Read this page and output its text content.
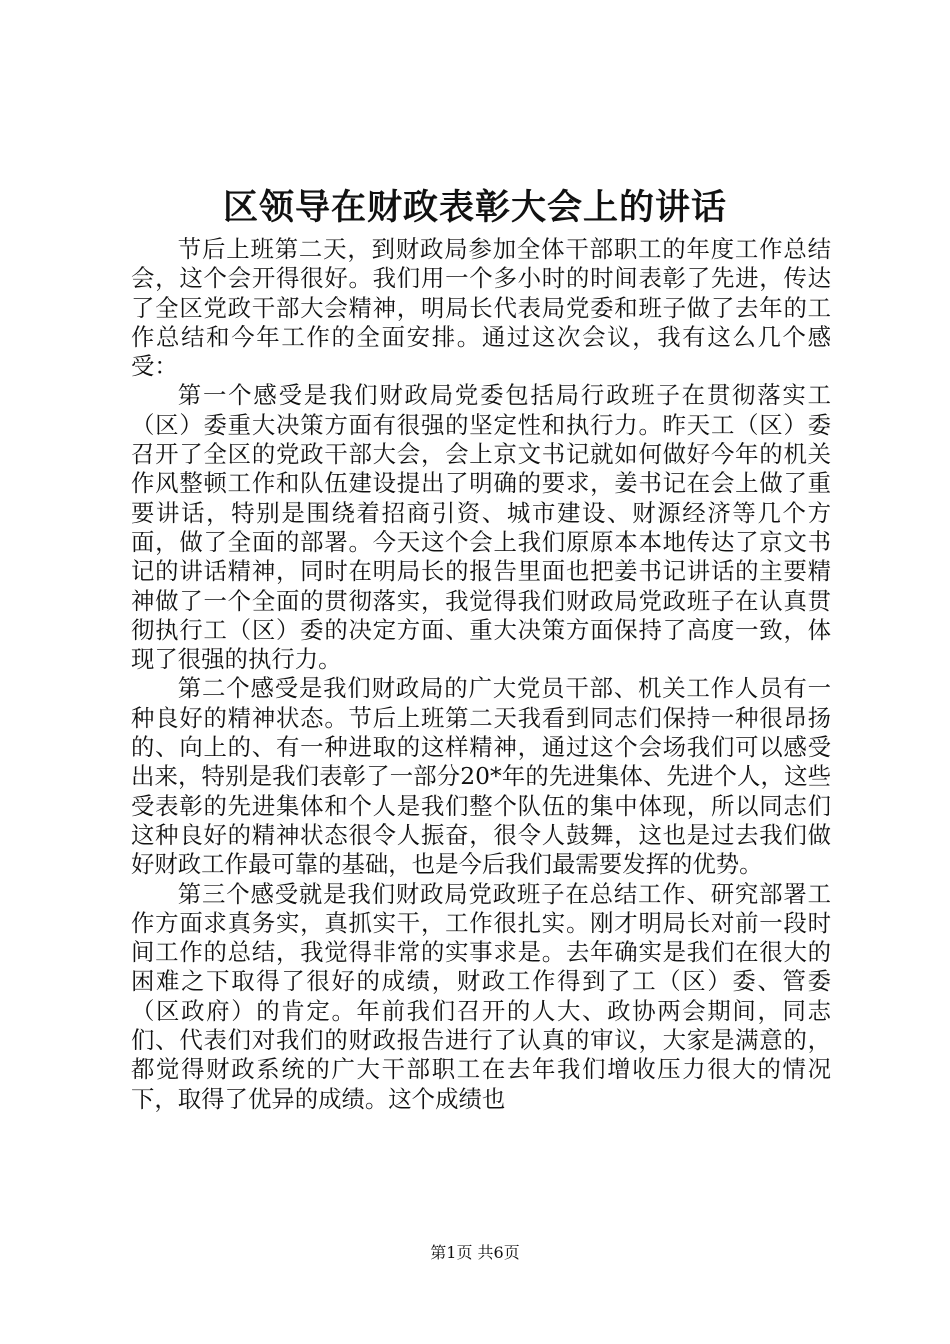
区领导在财政表彰大会上的讲话

节后上班第二天，到财政局参加全体干部职工的年度工作总结会，这个会开得很好。我们用一个多小时的时间表彰了先进，传达了全区党政干部大会精神，明局长代表局党委和班子做了去年的工作总结和今年工作的全面安排。通过这次会议，我有这么几个感受：

第一个感受是我们财政局党委包括局行政班子在贯彻落实工（区）委重大决策方面有很强的坚定性和执行力。昨天工（区）委召开了全区的党政干部大会，会上京文书记就如何做好今年的机关作风整顿工作和队伍建设提出了明确的要求，姜书记在会上做了重要讲话，特别是围绕着招商引资、城市建设、财源经济等几个方面，做了全面的部署。今天这个会上我们原原本本地传达了京文书记的讲话精神，同时在明局长的报告里面也把姜书记讲话的主要精神做了一个全面的贯彻落实，我觉得我们财政局党政班子在认真贯彻执行工（区）委的决定方面、重大决策方面保持了高度一致，体现了很强的执行力。

第二个感受是我们财政局的广大党员干部、机关工作人员有一种良好的精神状态。节后上班第二天我看到同志们保持一种很昂扬的、向上的、有一种进取的这样精神，通过这个会场我们可以感受出来，特别是我们表彰了一部分20*年的先进集体、先进个人，这些受表彰的先进集体和个人是我们整个队伍的集中体现，所以同志们这种良好的精神状态很令人振奋，很令人鼓舞，这也是过去我们做好财政工作最可靠的基础，也是今后我们最需要发挥的优势。

第三个感受就是我们财政局党政班子在总结工作、研究部署工作方面求真务实，真抓实干，工作很扎实。刚才明局长对前一段时间工作的总结，我觉得非常的实事求是。去年确实是我们在很大的困难之下取得了很好的成绩，财政工作得到了工（区）委、管委（区政府）的肯定。年前我们召开的人大、政协两会期间，同志们、代表们对我们的财政报告进行了认真的审议，大家是满意的，都觉得财政系统的广大干部职工在去年我们增收压力很大的情况下，取得了优异的成绩。这个成绩也

第1页 共6页
